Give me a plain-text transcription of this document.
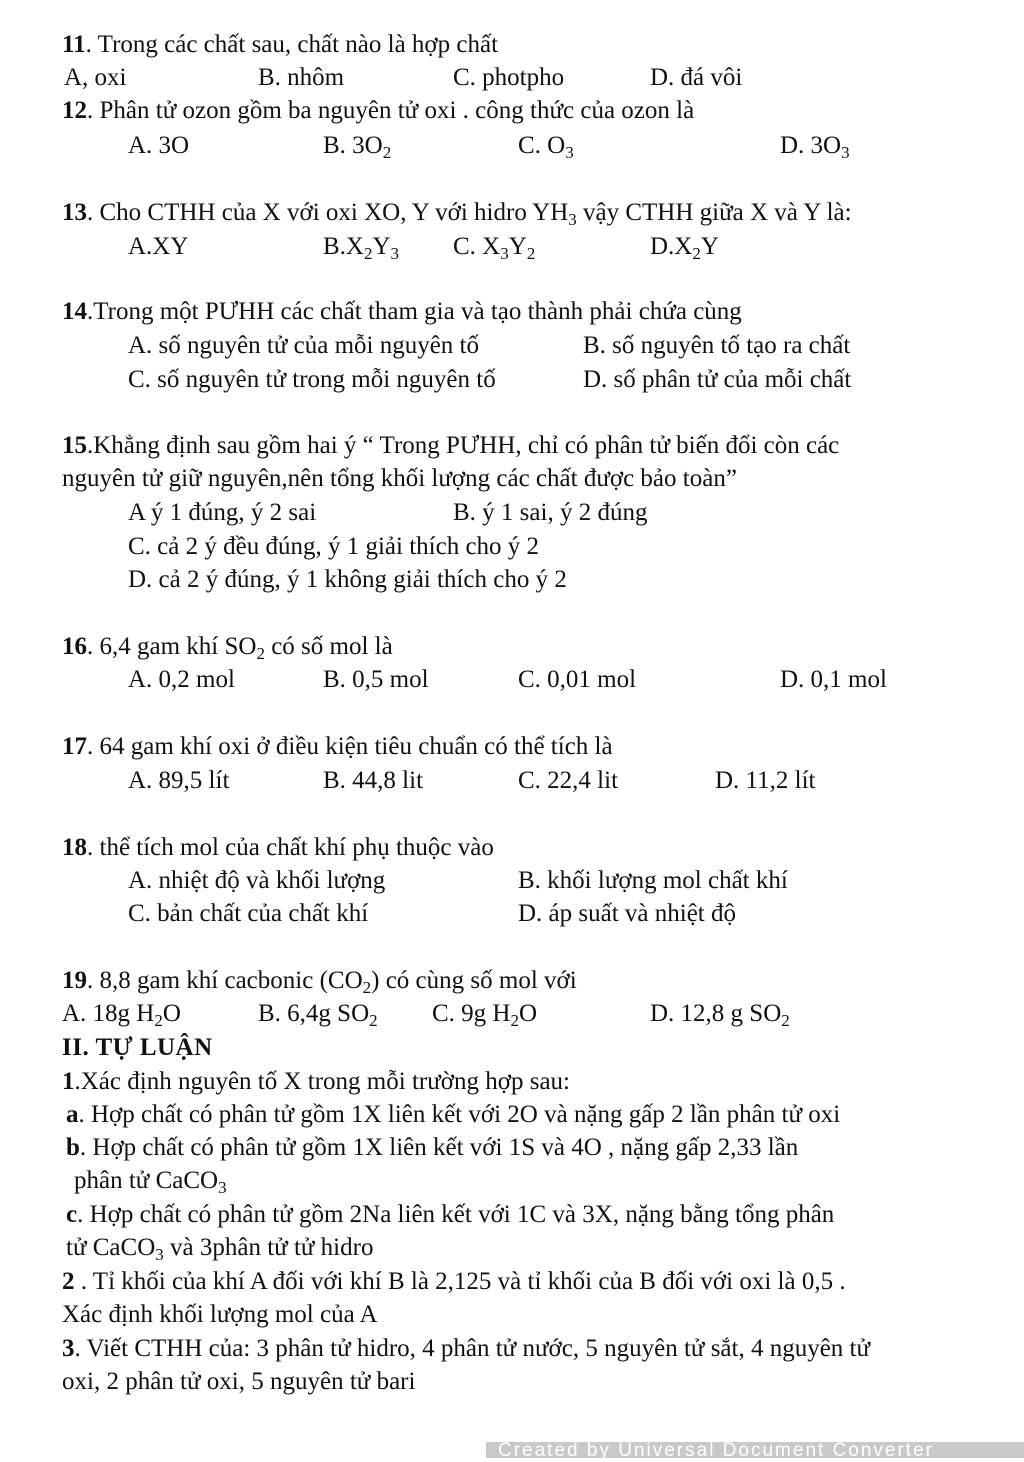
11. Trong các chất sau, chất nào là hợp chất
A, oxi	B. nhôm	C. photpho	D. đá vôi
12. Phân tử ozon gồm ba nguyên tử oxi . công thức của ozon là
A. 3O	B. $3O_2$	C. $O_3$	D. $3O_3$
13. Cho CTHH của X với oxi XO, Y với hidro $YH_3$ vậy CTHH giữa X và Y là:
A.XY	$B.X_2Y_3$ C. $X_3Y_2$	$D.X_2Y$
14.Trong một PƯHH các chất tham gia và tạo thành phải chứa cùng
A. số nguyên tử của mỗi nguyên tố	B. số nguyên tố tạo ra chất
C. số nguyên tử trong mỗi nguyên tố	D. số phân tử của mỗi chất
15.Khẳng định sau gồm hai ý “ Trong PƯHH, chỉ có phân tử biến đổi còn các
nguyên tử giữ nguyên,nên tổng khối lượng các chất được bảo toàn”
A ý 1 đúng, ý 2 sai	B. ý 1 sai, ý 2 đúng
C. cả 2 ý đều đúng, ý 1 giải thích cho ý 2
D. cả 2 ý đúng, ý 1 không giải thích cho ý 2
16. 6,4 gam khí $SO_2$ có số mol là
A. 0,2 mol	B. 0,5 mol	C. 0,01 mol	D. 0,1 mol
17. 64 gam khí oxi ở điều kiện tiêu chuẩn có thể tích là
A. 89,5 lít	B. 44,8 lit	C. 22,4 lit	D. 11,2 lít
18. thể tích mol của chất khí phụ thuộc vào
A. nhiệt độ và khối lượng	B. khối lượng mol chất khí
C. bản chất của chất khí	D. áp suất và nhiệt độ
19. 8,8 gam khí cacbonic $(CO_2)$ có cùng số mol với
A. 18g $H_2O$	B. 6,4g $SO_2$ C. 9g $H_2O$	D. 12,8 g $SO_2$
II. TỰ LUẬN
1.Xác định nguyên tố X trong mỗi trường hợp sau:
a. Hợp chất có phân tử gồm 1X liên kết với 2O và nặng gấp 2 lần phân tử oxi
b. Hợp chất có phân tử gồm 1X liên kết với 1S và 4O , nặng gấp 2,33 lần
phân tử CaCO$_3$
c. Hợp chất có phân tử gồm 2Na liên kết với 1C và 3X, nặng bằng tổng phân
tử CaCO$_3$ và 3phân tử tử hidro
2 . Tỉ khối của khí A đối với khí B là 2,125 và tỉ khối của B đối với oxi là 0,5 .
Xác định khối lượng mol của A
3. Viết CTHH của: 3 phân tử hidro, 4 phân tử nước, 5 nguyên tử sắt, 4 nguyên tử
oxi, 2 phân tử oxi, 5 nguyên tử bari
Created by Universal Document Converter
